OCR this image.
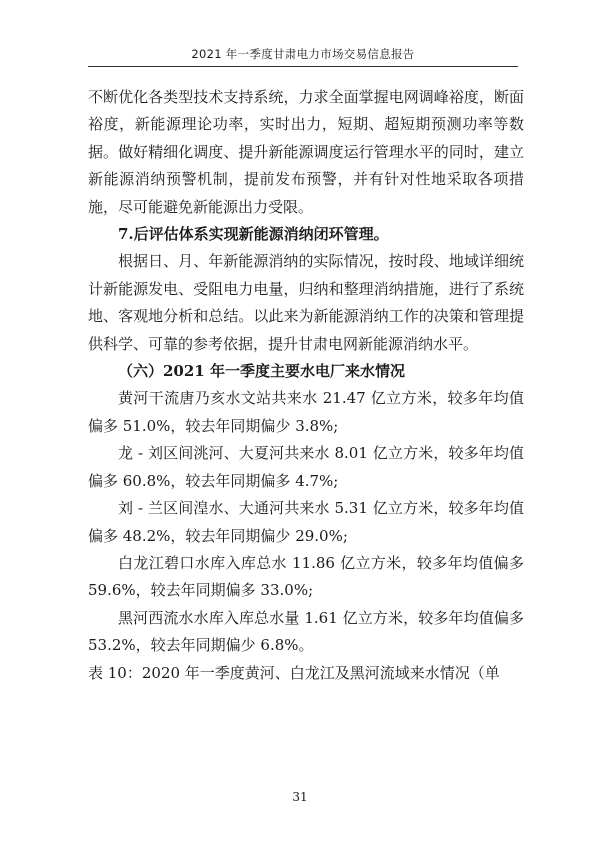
2021 年一季度甘肃电力市场交易信息报告

不断优化各类型技术支持系统，力求全面掌握电网调峰裕度，断面裕度，新能源理论功率，实时出力，短期、超短期预测功率等数据。做好精细化调度、提升新能源调度运行管理水平的同时，建立新能源消纳预警机制，提前发布预警，并有针对性地采取各项措施，尽可能避免新能源出力受限。

7.后评估体系实现新能源消纳闭环管理。

根据日、月、年新能源消纳的实际情况，按时段、地域详细统计新能源发电、受阻电力电量，归纳和整理消纳措施，进行了系统地、客观地分析和总结。以此来为新能源消纳工作的决策和管理提供科学、可靠的参考依据，提升甘肃电网新能源消纳水平。

（六）2021 年一季度主要水电厂来水情况

黄河干流唐乃亥水文站共来水 21.47 亿立方米，较多年均值偏多 51.0%，较去年同期偏少 3.8%;

龙 - 刘区间洮河、大夏河共来水 8.01 亿立方米，较多年均值偏多 60.8%，较去年同期偏多 4.7%;

刘 - 兰区间湟水、大通河共来水 5.31 亿立方米，较多年均值偏多 48.2%，较去年同期偏少 29.0%;

白龙江碧口水库入库总水 11.86 亿立方米，较多年均值偏多 59.6%，较去年同期偏多 33.0%;

黑河西流水水库入库总水量 1.61 亿立方米，较多年均值偏多 53.2%，较去年同期偏少 6.8%。

表 10：2020 年一季度黄河、白龙江及黑河流域来水情况（单

31
